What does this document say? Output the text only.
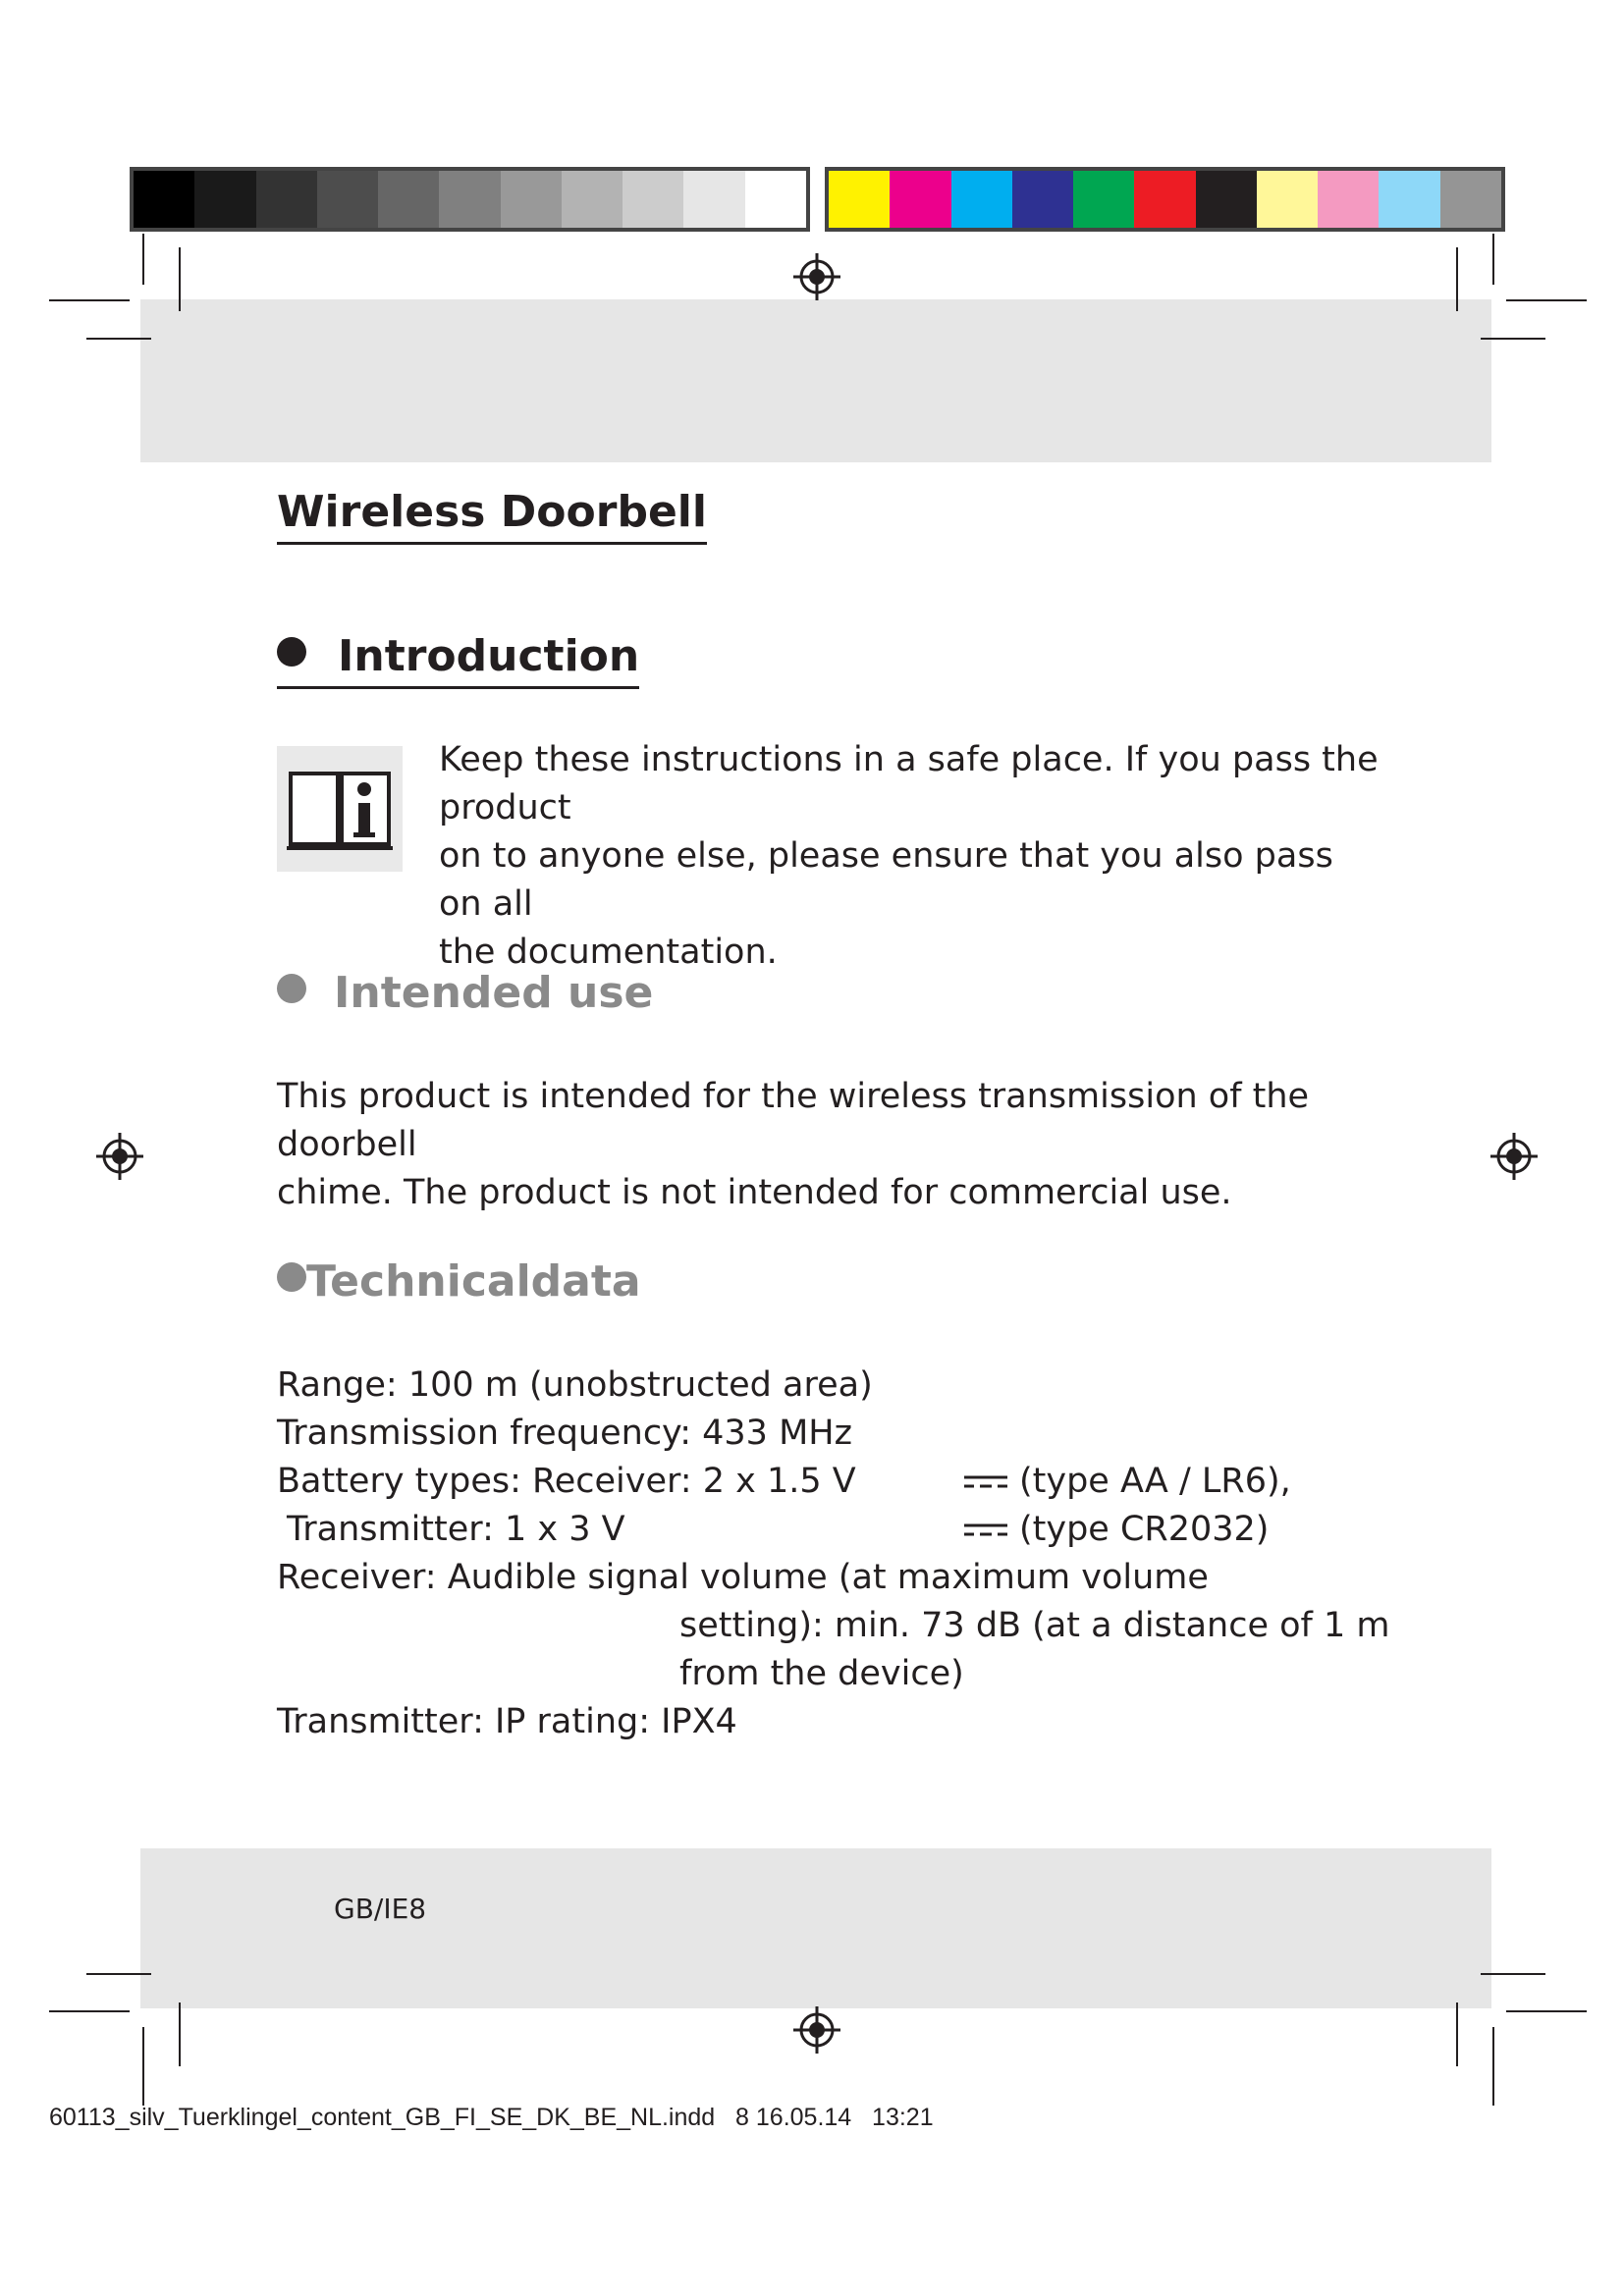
Wireless Doorbell
Introduction
Keep these instructions in a safe place. If you pass the product
on to anyone else, please ensure that you also pass on all
the documentation.
Intended use
This product is intended for the wireless transmission of the doorbell
chime. The product is not intended for commercial use.
Technicaldata
Range: 100 m (unobstructed area)
Transmission frequency: 433 MHz
Battery types: Receiver: 2 x 1.5 V	(type AA / LR6),
Transmitter: 1 x 3 V	(type CR2032)
Receiver: Audible signal volume (at maximum volume
setting): min. 73 dB (at a distance of 1 m
from the device)
Transmitter: IP rating: IPX4
GB/IE8
60113_silv_Tuerklingel_content_GB_FI_SE_DK_BE_NL.indd   8 16.05.14   13:21
